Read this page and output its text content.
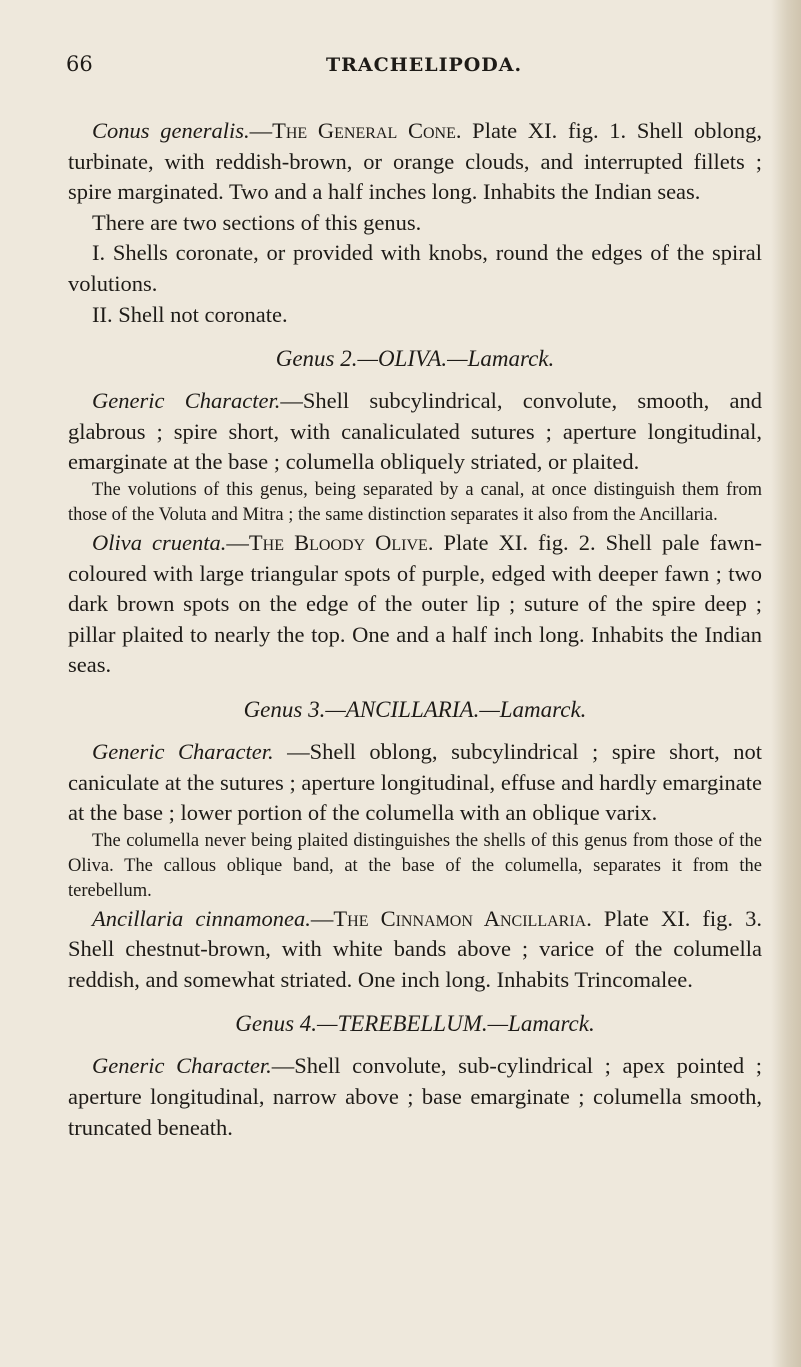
66	TRACHELIPODA.

Conus generalis.—The General Cone. Plate XI. fig. 1. Shell oblong, turbinate, with reddish-brown, or orange clouds, and interrupted fillets ; spire marginated. Two and a half inches long. Inhabits the Indian seas.

There are two sections of this genus.

I. Shells coronate, or provided with knobs, round the edges of the spiral volutions.

II. Shell not coronate.

Genus 2.—OLIVA.—Lamarck.

Generic Character.—Shell subcylindrical, convolute, smooth, and glabrous ; spire short, with canaliculated sutures ; aperture longitudinal, emarginate at the base ; columella obliquely striated, or plaited.

The volutions of this genus, being separated by a canal, at once distinguish them from those of the Voluta and Mitra ; the same distinction separates it also from the Ancillaria.

Oliva cruenta.—The Bloody Olive. Plate XI. fig. 2. Shell pale fawn-coloured with large triangular spots of purple, edged with deeper fawn ; two dark brown spots on the edge of the outer lip ; suture of the spire deep ; pillar plaited to nearly the top. One and a half inch long. Inhabits the Indian seas.

Genus 3.—ANCILLARIA.—Lamarck.

Generic Character. —Shell oblong, subcylindrical ; spire short, not caniculate at the sutures ; aperture longitudinal, effuse and hardly emarginate at the base ; lower portion of the columella with an oblique varix.

The columella never being plaited distinguishes the shells of this genus from those of the Oliva. The callous oblique band, at the base of the columella, separates it from the terebellum.

Ancillaria cinnamonea.—The Cinnamon Ancillaria. Plate XI. fig. 3. Shell chestnut-brown, with white bands above ; varice of the columella reddish, and somewhat striated. One inch long. Inhabits Trincomalee.

Genus 4.—TEREBELLUM.—Lamarck.

Generic Character.—Shell convolute, sub-cylindrical ; apex pointed ; aperture longitudinal, narrow above ; base emarginate ; columella smooth, truncated beneath.
